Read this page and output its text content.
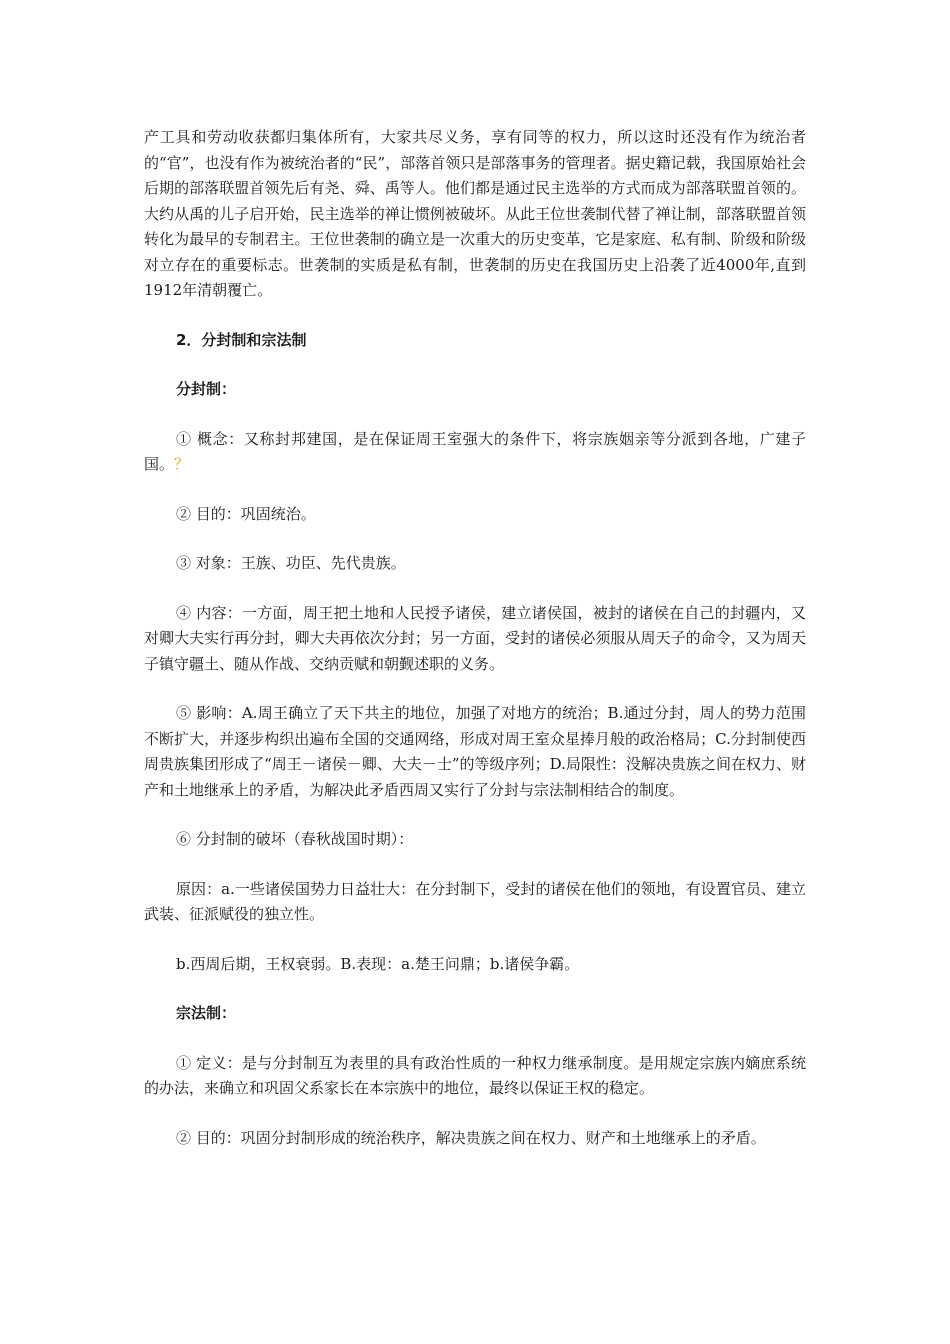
产工具和劳动收获都归集体所有，大家共尽义务，享有同等的权力，所以这时还没有作为统治者的“官”，也没有作为被统治者的“民”，部落首领只是部落事务的管理者。据史籍记载，我国原始社会后期的部落联盟首领先后有尧、舜、禹等人。他们都是通过民主选举的方式而成为部落联盟首领的。大约从禹的儿子启开始，民主选举的禅让惯例被破坏。从此王位世袭制代替了禅让制，部落联盟首领转化为最早的专制君主。王位世袭制的确立是一次重大的历史变革，它是家庭、私有制、阶级和阶级对立存在的重要标志。世袭制的实质是私有制，世袭制的历史在我国历史上沿袭了近4000年,直到1912年清朝覆亡。

2．分封制和宗法制

分封制：

① 概念：又称封邦建国，是在保证周王室强大的条件下，将宗族姻亲等分派到各地，广建子国。？

② 目的：巩固统治。

③ 对象：王族、功臣、先代贵族。

④ 内容：一方面，周王把土地和人民授予诸侯，建立诸侯国，被封的诸侯在自己的封疆内，又对卿大夫实行再分封，卿大夫再依次分封；另一方面，受封的诸侯必须服从周天子的命令，又为周天子镇守疆土、随从作战、交纳贡赋和朝觐述职的义务。

⑤ 影响：A.周王确立了天下共主的地位，加强了对地方的统治；B.通过分封，周人的势力范围不断扩大，并逐步构织出遍布全国的交通网络，形成对周王室众星捧月般的政治格局；C.分封制使西周贵族集团形成了“周王－诸侯－卿、大夫－士”的等级序列；D.局限性：没解决贵族之间在权力、财产和土地继承上的矛盾，为解决此矛盾西周又实行了分封与宗法制相结合的制度。

⑥ 分封制的破坏（春秋战国时期）：

原因：a.一些诸侯国势力日益壮大：在分封制下，受封的诸侯在他们的领地，有设置官员、建立武装、征派赋役的独立性。

b.西周后期，王权衰弱。B.表现：a.楚王问鼎；b.诸侯争霸。

宗法制：

① 定义：是与分封制互为表里的具有政治性质的一种权力继承制度。是用规定宗族内嫡庶系统的办法，来确立和巩固父系家长在本宗族中的地位，最终以保证王权的稳定。

② 目的：巩固分封制形成的统治秩序，解决贵族之间在权力、财产和土地继承上的矛盾。
